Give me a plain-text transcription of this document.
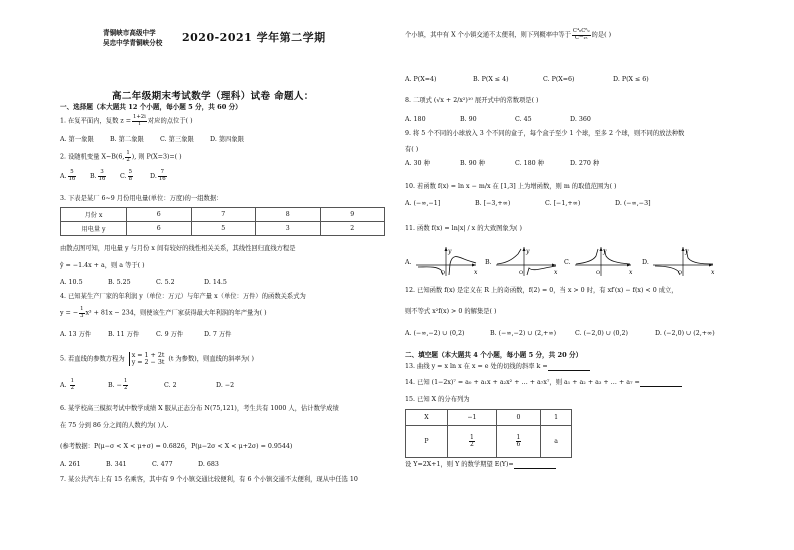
青铜峡市高级中学
吴忠中学青铜峡分校 2020-2021 学年第二学期
高二年级期末考试数学（理科）试卷 命题人：
一、选择题（本大题共 12 个小题，每小题 5 分，共 60 分）
1. 在复平面内，复数 $z = \frac{1+2i}{i}$ 对应的点位于( )
A. 第一象限	B. 第二象限	C. 第三象限	D. 第四象限
2. 设随机变量 X~B(6, $\frac{1}{2}$ ), 则 P(X=3)=( )
A. $\frac{5}{16} B$. $\frac{3}{16} C$. $\frac{5}{8}$	D. $\frac{7}{16}$
3. 下表是某厂 6~9 月份用电量(单位：万度)的一组数据：
月份 x	6	7	8	9
用电量 y	6	5	3	2
由散点图可知，用电量 y 与月份 x 间有较好的线性相关关系，其线性回归直线方程是
ŷ = −1.4x + a，则 a 等于( )
A. 10.5	B. 5.25	C. 5.2	D. 14.5
4. 已知某生产厂家的年利润 y（单位：万元）与年产量 x（单位：万件）的函数关系式为
y = − $\frac{1}{3} x^3 + 81x - 234$，则使该生产厂家获得最大年利润的年产量为( )
A. 13 万件	B. 11 万件	C. 9 万件	D. 7 万件
5. 若直线的参数方程为
x = 1 + 2t
y = 2 − 3t (t 为参数)，则直线的斜率为( )
A. $\frac{1}{2}$	B. − $\frac{1}{2}$	C. 2	D. −2
6. 某学校高三模拟考试中数学成绩 X 服从正态分布 N(75,121)，考生共有 1000 人，估计数学成绩
在 75 分到 86 分之间的人数约为( )人.
(参考数据：P(μ−σ < X < μ+σ) = 0.6826，P(μ−2σ < X < μ+2σ) = 0.9544)
A. 261	B. 341	C. 477	D. 683
7. 某公共汽车上有 15 名乘客，其中有 9 个小镇交通比较便利，有 6 个小镇交通不太便利，现从中任选 10
个小镇，其中有 X 个小镇交通不太便利，则下列概率中等于 $\frac{\text{C⁴₆C⁶₉}}{\text{C¹⁰₁₅}}$ 的是( )
A. P(X=4)	B. P(X ≤ 4)	C. P(X=6)	D. P(X ≤ 6)
8. 二项式 (√x + 2/x²)¹⁰ 展开式中的常数项是( )
A. 180	B. 90	C. 45	D. 360
9. 将 5 个不同的小球放入 3 个不同的盒子，每个盒子至少 1 个球，至多 2 个球，则不同的放法种数
有( )
A. 30 种	B. 90 种	C. 180 种	D. 270 种
10. 若函数 f(x) = ln x − m/x 在 [1,3] 上为增函数，则 m 的取值范围为( )
A. (−∞,−1]	B. [−3,+∞)	C. [−1,+∞)	D. (−∞,−3]
11. 函数 f(x) = ln|x| / x 的大致图象为( )
A.
y
x
O
B.
y
x
O
C.
y
x
O
D.
y
x
O
12. 已知函数 f(x) 是定义在 R 上的奇函数，f(2) = 0，当 x > 0 时，有 xf′(x) − f(x) < 0 成立，
则不等式 x²f(x) > 0 的解集是( )
A. (−∞,−2) ∪ (0,2)	B. (−∞,−2) ∪ (2,+∞)	C. (−2,0) ∪ (0,2)	D. (−2,0) ∪ (2,+∞)
二、填空题（本大题共 4 个小题，每小题 5 分，共 20 分）
13. 曲线 y = x ln x 在 x = e 处的切线的斜率 k =
14. 已知 (1−2x)⁷ = a₀ + a₁x + a₂x² + … + a₇x⁷，则 a₁ + a₂ + a₃ + … + a₇ =
15. 已知 X 的分布列为
X	−1	0	1
P	$\frac{1}{2}$	$\frac{1}{6}$	a
设 Y=2X+1，则 Y 的数学期望 E(Y)=
